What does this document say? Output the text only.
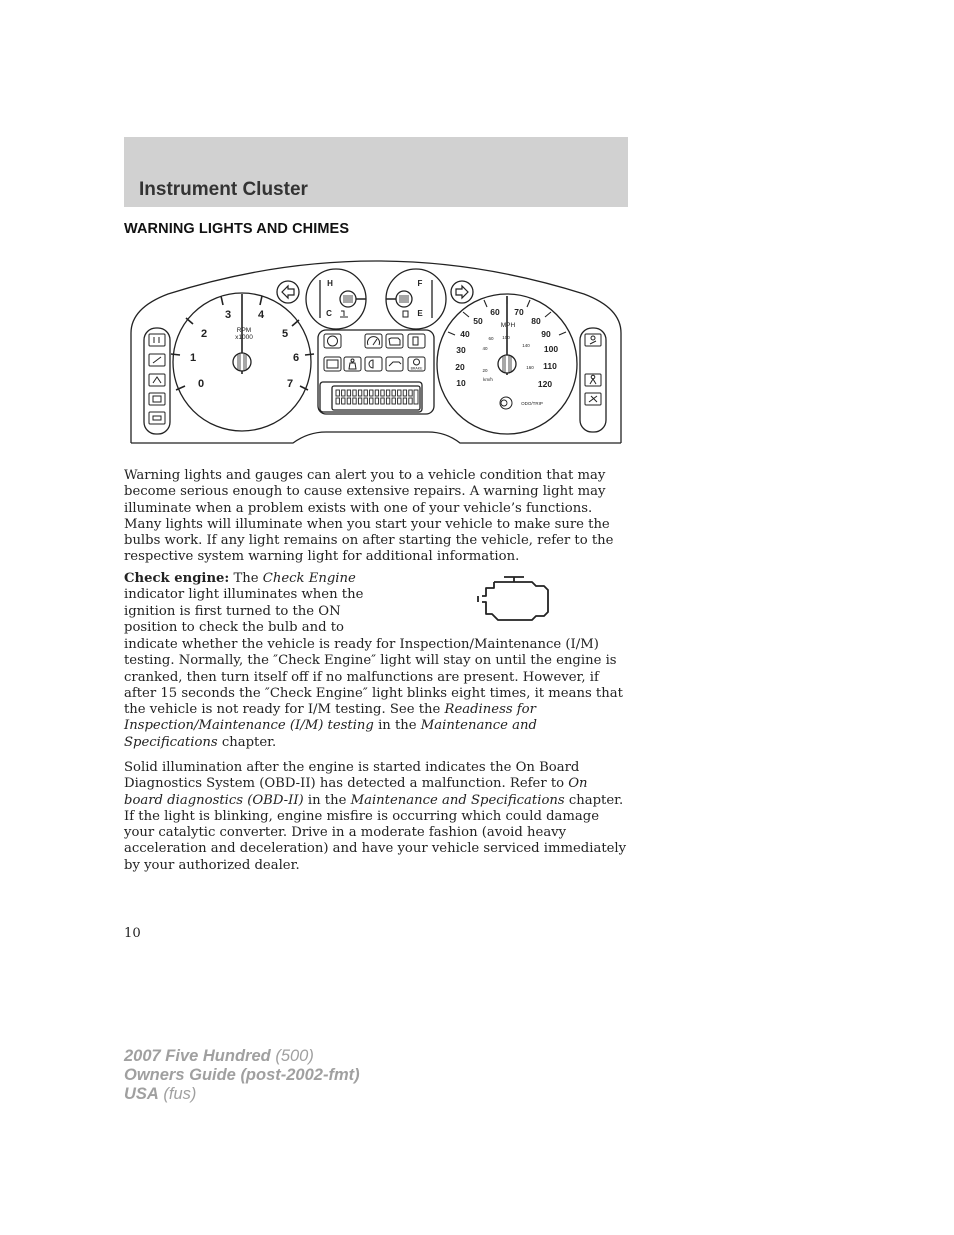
Instrument Cluster
WARNING LIGHTS AND CHIMES
0
1
2
3 4
5
6
7
RPM
x1000
H
C
F
E
10
20
30
40
50
60 70
80
90
100
110
120
MPH
20
40
60 100
140
160
km/h
ODO/TRIP
BRAKE

Warning lights and gauges can alert you to a vehicle condition that may become serious enough to cause extensive repairs. A warning light may illuminate when a problem exists with one of your vehicle’s functions. Many lights will illuminate when you start your vehicle to make sure the bulbs work. If any light remains on after starting the vehicle, refer to the respective system warning light for additional information.

Check engine: The Check Engine indicator light illuminates when the ignition is first turned to the ON position to check the bulb and to

indicate whether the vehicle is ready for Inspection/Maintenance (I/M) testing. Normally, the ″Check Engine″ light will stay on until the engine is cranked, then turn itself off if no malfunctions are present. However, if after 15 seconds the ″Check Engine″ light blinks eight times, it means that the vehicle is not ready for I/M testing. See the Readiness for Inspection/Maintenance (I/M) testing in the Maintenance and Specifications chapter.

Solid illumination after the engine is started indicates the On Board Diagnostics System (OBD-II) has detected a malfunction. Refer to On board diagnostics (OBD-II) in the Maintenance and Specifications chapter. If the light is blinking, engine misfire is occurring which could damage your catalytic converter. Drive in a moderate fashion (avoid heavy acceleration and deceleration) and have your vehicle serviced immediately by your authorized dealer.

10
2007 Five Hundred (500)
Owners Guide (post-2002-fmt)
USA (fus)
